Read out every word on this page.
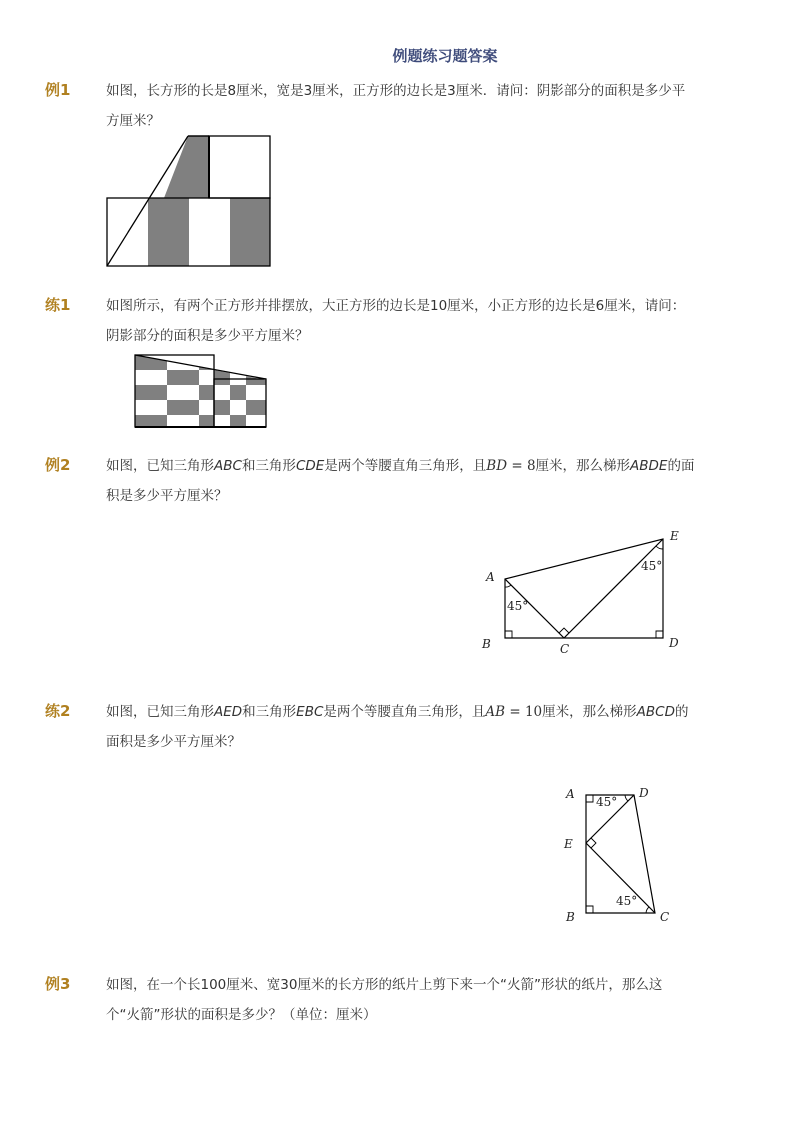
例题练习题答案
例1	如图，长方形的长是8厘米，宽是3厘米，正方形的边长是3厘米．请问：阴影部分的面积是多少平
方厘米？
练1	如图所示，有两个正方形并排摆放，大正方形的边长是10厘米，小正方形的边长是6厘米，请问：
阴影部分的面积是多少平方厘米？
例2	如图，已知三角形ABC和三角形CDE是两个等腰直角三角形，且BD = 8厘米，那么梯形ABDE的面
积是多少平方厘米？
A
B	C	D
E
45°
45°
练2	如图，已知三角形AED和三角形EBC是两个等腰直角三角形，且AB = 10厘米，那么梯形ABCD的
面积是多少平方厘米？
A	D
E
B	C
45°
45°
例3	如图，在一个长100厘米、宽30厘米的长方形的纸片上剪下来一个“火箭”形状的纸片，那么这
个“火箭”形状的面积是多少？（单位：厘米）
